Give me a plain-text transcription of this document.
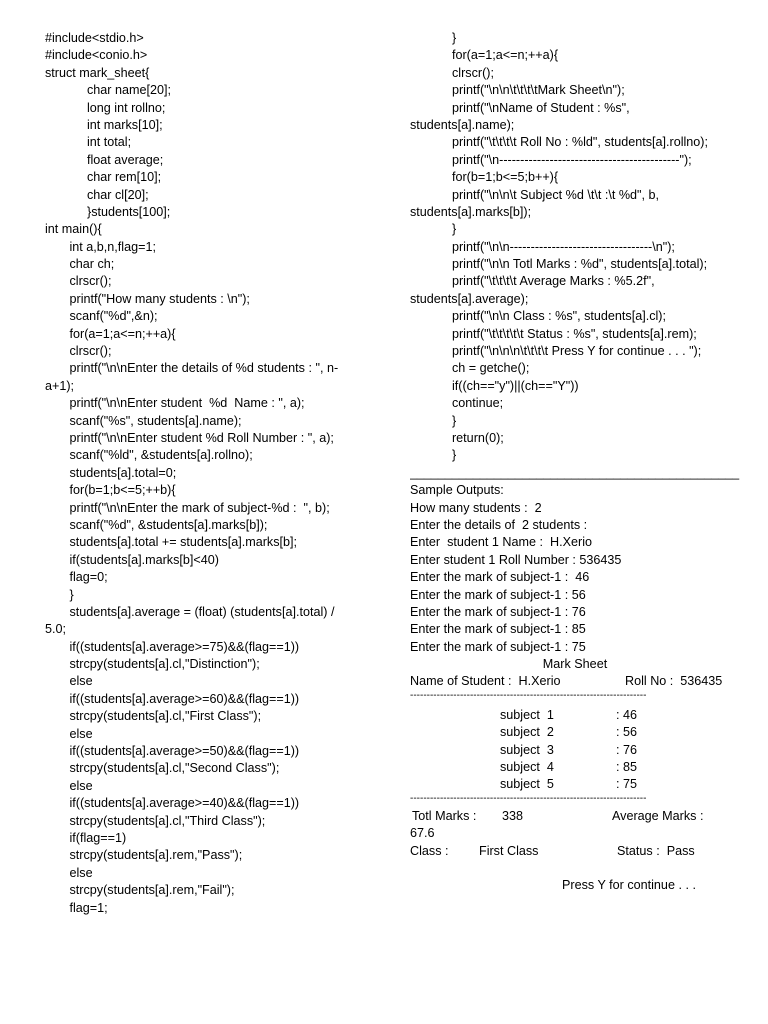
#include<stdio.h>
#include<conio.h>
struct mark_sheet{
char name[20];
long int rollno;
int marks[10];
int total;
float average;
char rem[10];
char cl[20];
}students[100];
int main(){
int a,b,n,flag=1;
char ch;
clrscr();
printf("How many students : \n");
scanf("%d",&n);
for(a=1;a<=n;++a){
clrscr();
printf("\n\nEnter the details of %d students : ", n-
a+1);
printf("\n\nEnter student  %d  Name : ", a);
scanf("%s", students[a].name);
printf("\n\nEnter student %d Roll Number : ", a);
scanf("%ld", &students[a].rollno);
students[a].total=0;
for(b=1;b<=5;++b){
printf("\n\nEnter the mark of subject-%d :  ", b);
scanf("%d", &students[a].marks[b]);
students[a].total += students[a].marks[b];
if(students[a].marks[b]<40)
flag=0;
}
students[a].average = (float) (students[a].total) /
5.0;
if((students[a].average>=75)&&(flag==1))
strcpy(students[a].cl,"Distinction");
else
if((students[a].average>=60)&&(flag==1))
strcpy(students[a].cl,"First Class");
else
if((students[a].average>=50)&&(flag==1))
strcpy(students[a].cl,"Second Class");
else
if((students[a].average>=40)&&(flag==1))
strcpy(students[a].cl,"Third Class");
if(flag==1)
strcpy(students[a].rem,"Pass");
else
strcpy(students[a].rem,"Fail");
flag=1;
}
for(a=1;a<=n;++a){
clrscr();
printf("\n\n\t\t\t\tMark Sheet\n");
printf("\nName of Student : %s",
students[a].name);
printf("\t\t\t\t Roll No : %ld", students[a].rollno);
printf("\n-------------------------------------------");
for(b=1;b<=5;b++){
printf("\n\n\t Subject %d \t\t :\t %d", b,
students[a].marks[b]);
}
printf("\n\n----------------------------------\n");
printf("\n\n Totl Marks : %d", students[a].total);
printf("\t\t\t\t Average Marks : %5.2f",
students[a].average);
printf("\n\n Class : %s", students[a].cl);
printf("\t\t\t\t\t Status : %s", students[a].rem);
printf("\n\n\n\t\t\t\t Press Y for continue . . . ");
ch = getche();
if((ch=="y")||(ch=="Y"))
continue;
}
return(0);
}
_______________________________________________
Sample Outputs:
How many students :  2
Enter the details of  2 students :
Enter  student 1 Name :  H.Xerio
Enter student 1 Roll Number : 536435
Enter the mark of subject-1 :  46
Enter the mark of subject-1 : 56
Enter the mark of subject-1 : 76
Enter the mark of subject-1 : 85
Enter the mark of subject-1 : 75
Mark Sheet
Name of Student :  H.Xerio	Roll No :  536435
-----------------------------------------------------------------------
subject  1	: 46
subject  2	: 56
subject  3	: 76
subject  4	: 85
subject  5	: 75
-----------------------------------------------------------------------
Totl Marks : 338	Average Marks :
67.6
Class : First Class	Status :  Pass
Press Y for continue . . .
